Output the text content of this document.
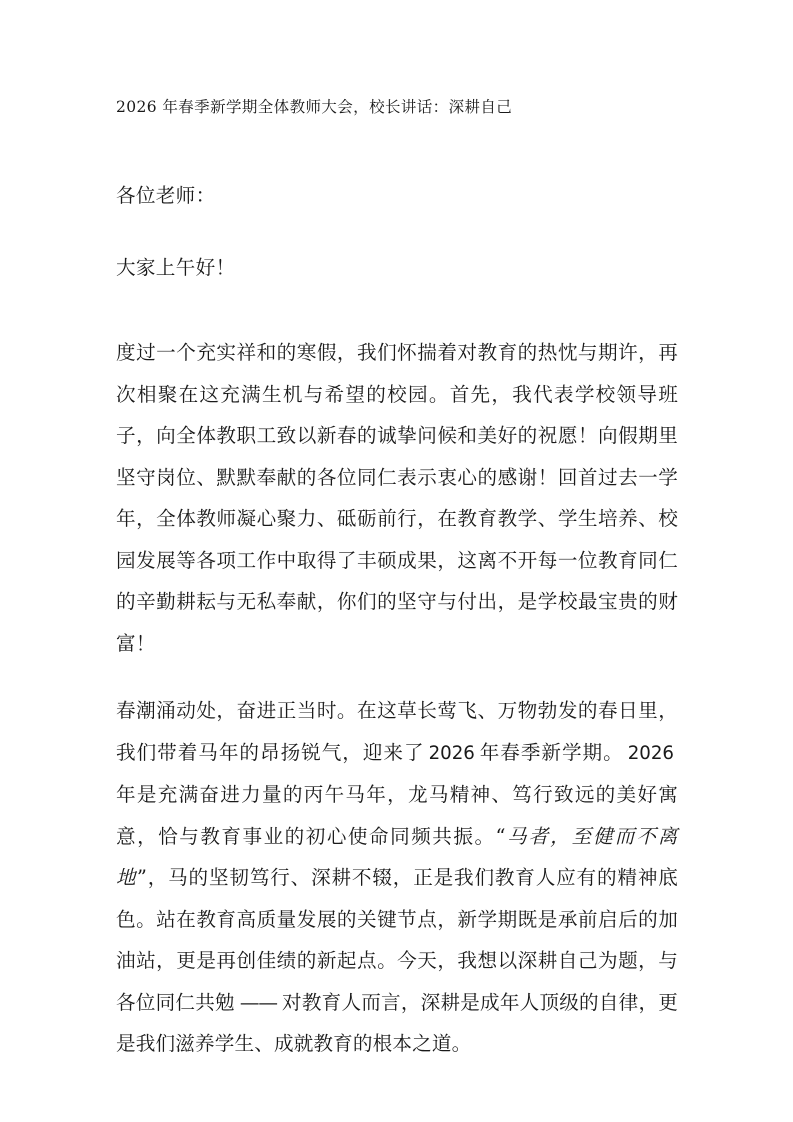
2026 年春季新学期全体教师大会，校长讲话：深耕自己
各位老师：
大家上午好！

度过一个充实祥和的寒假，我们怀揣着对教育的热忱与期许，再次相聚在这充满生机与希望的校园。首先，我代表学校领导班子，向全体教职工致以新春的诚挚问候和美好的祝愿！向假期里坚守岗位、默默奉献的各位同仁表示衷心的感谢！回首过去一学年，全体教师凝心聚力、砥砺前行，在教育教学、学生培养、校园发展等各项工作中取得了丰硕成果，这离不开每一位教育同仁的辛勤耕耘与无私奉献，你们的坚守与付出，是学校最宝贵的财富！

春潮涌动处，奋进正当时。在这草长莺飞、万物勃发的春日里，我们带着马年的昂扬锐气，迎来了 2026 年春季新学期。 2026年是充满奋进力量的丙午马年，龙马精神、笃行致远的美好寓意，恰与教育事业的初心使命同频共振。“马者，至健而不离地”，马的坚韧笃行、深耕不辍，正是我们教育人应有的精神底色。站在教育高质量发展的关键节点，新学期既是承前启后的加油站，更是再创佳绩的新起点。今天，我想以深耕自己为题，与各位同仁共勉 —— 对教育人而言，深耕是成年人顶级的自律，更是我们滋养学生、成就教育的根本之道。
